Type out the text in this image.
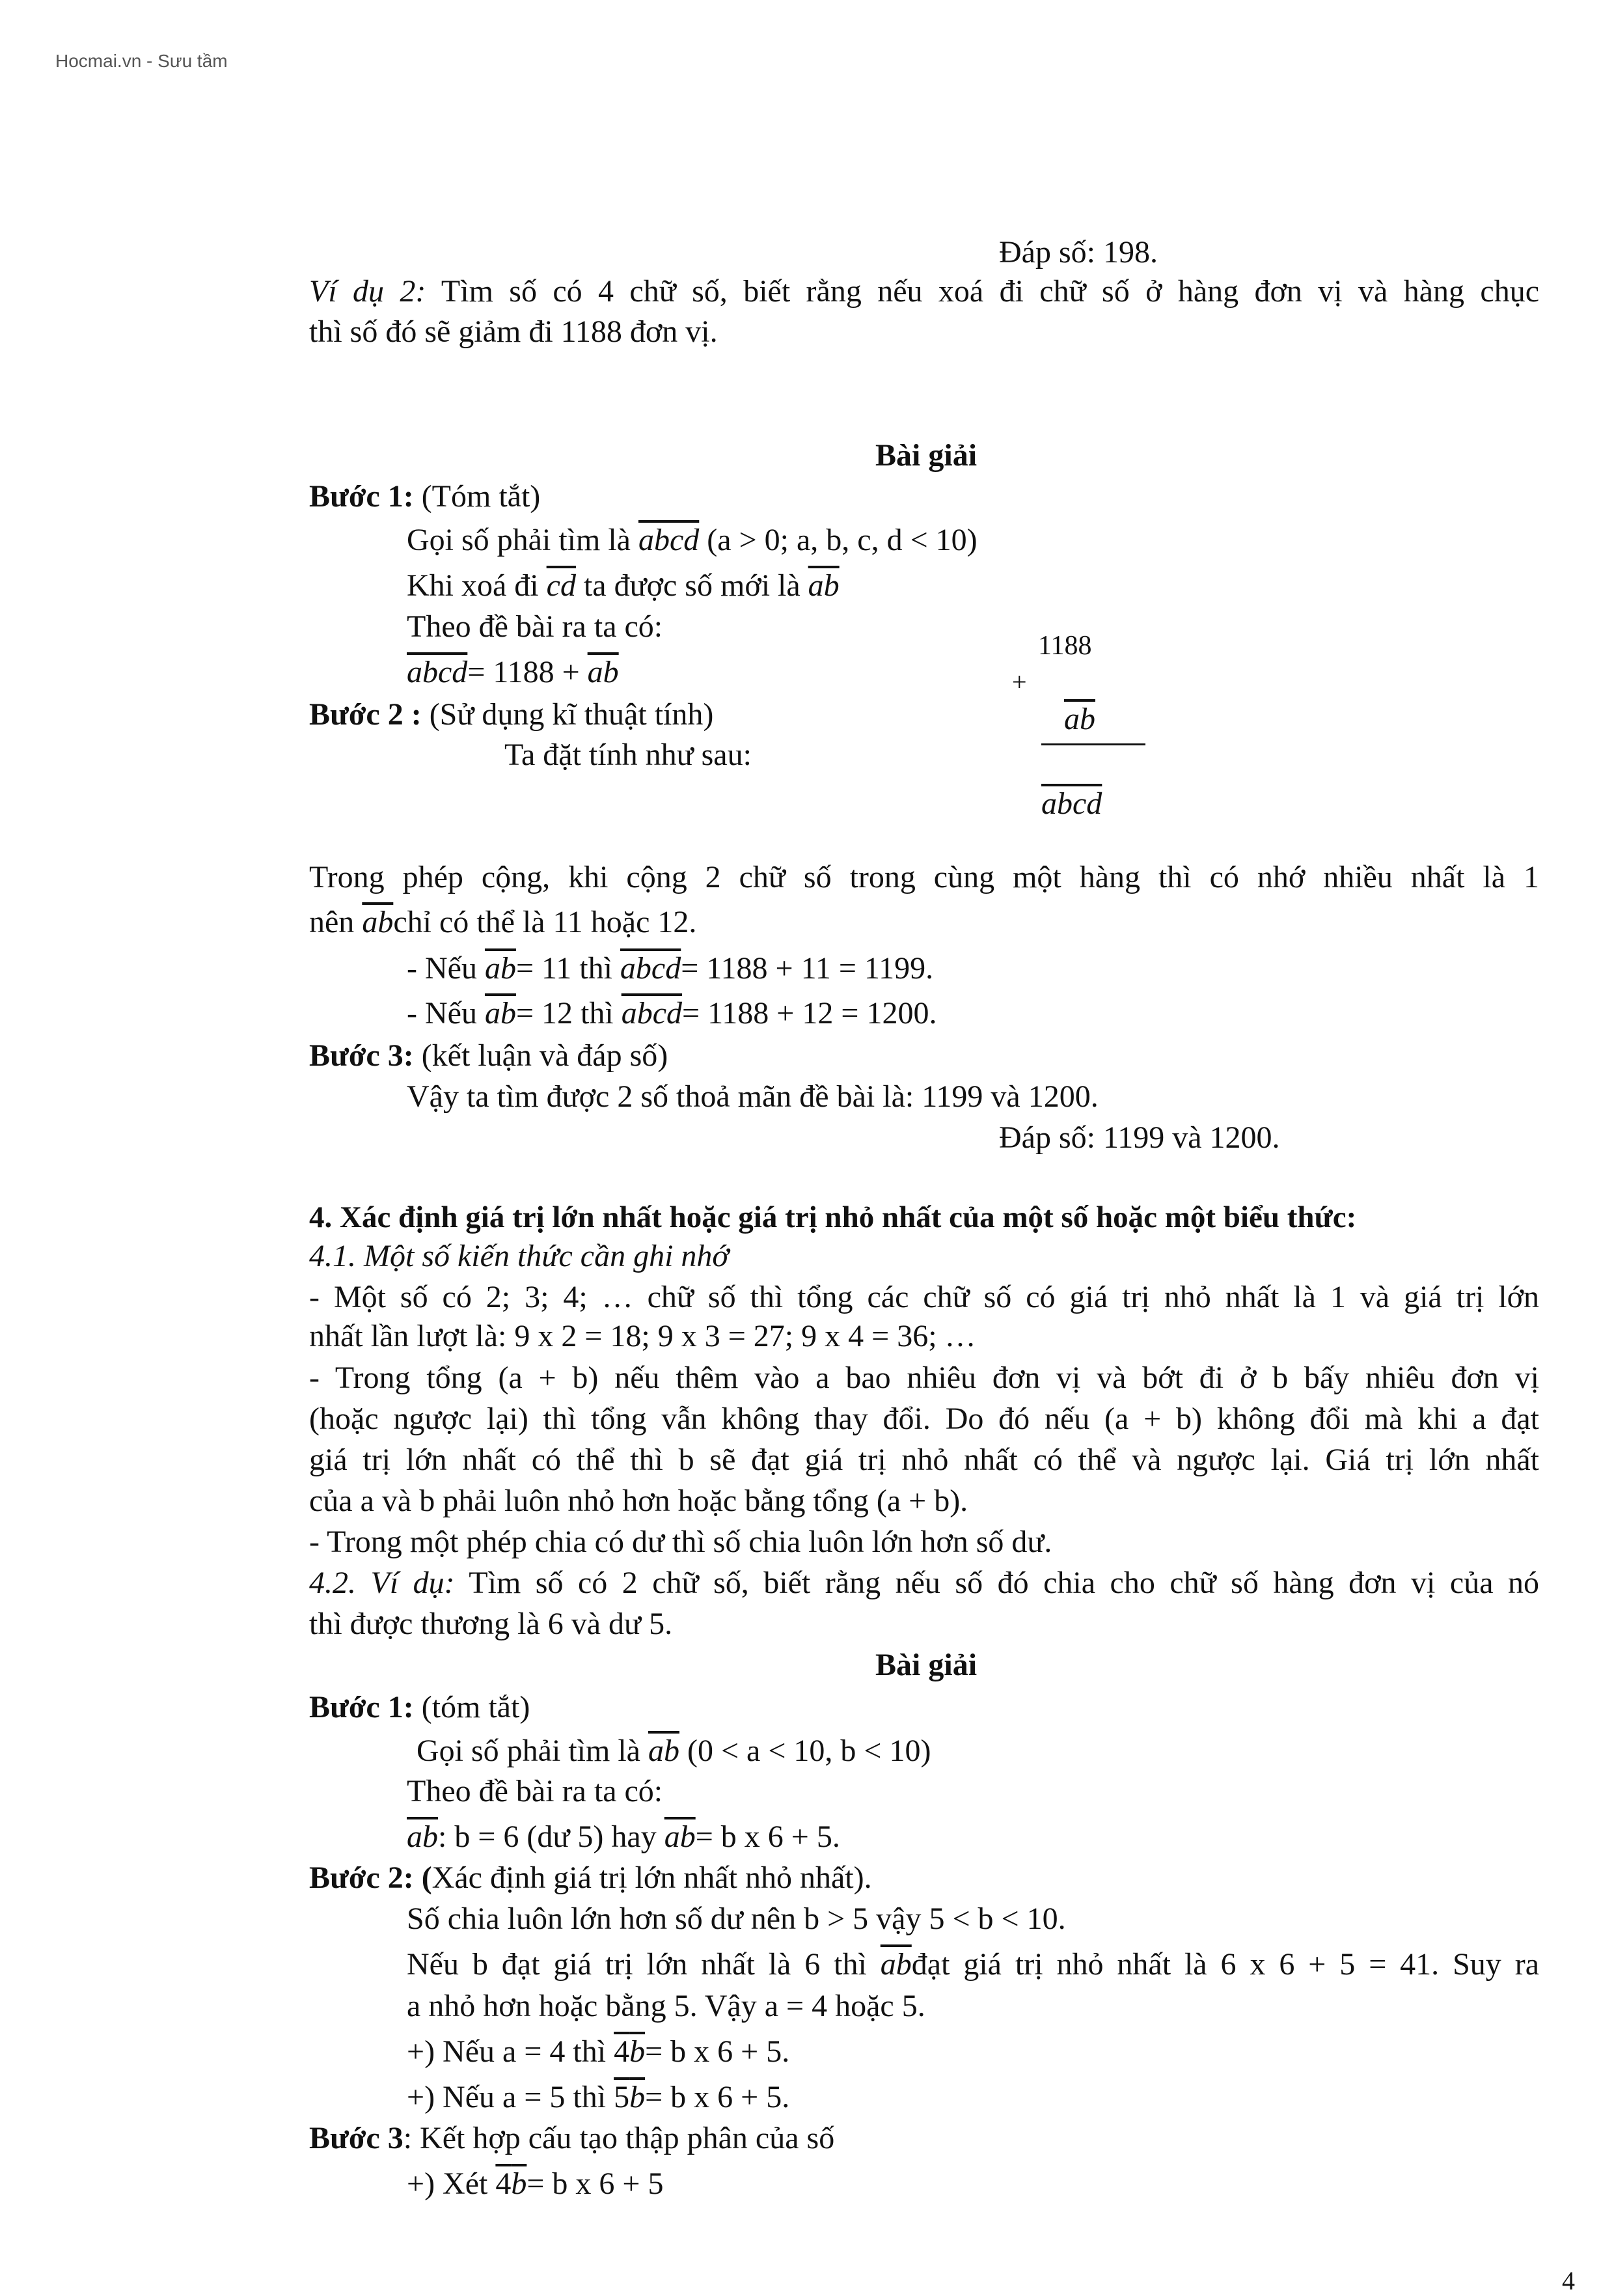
Hocmai.vn - Sưu tầm
Đáp số: 198.
Ví dụ 2: Tìm số có 4 chữ số, biết rằng nếu xoá đi chữ số ở hàng đơn vị và hàng chục
thì số đó sẽ giảm đi 1188 đơn vị.
Bài giải
Bước 1: (Tóm tắt)
Gọi số phải tìm là abcd (a > 0; a, b, c, d < 10)
Khi xoá đi $\overline{cd}$ ta được số mới là $\overline{ab}$
Theo đề bài ra ta có:
abcd= $1188 + \overline{ab}$
1188
+
$\overline{ab}$
abcd
Bước 2 : (Sử dụng kĩ thuật tính)
Ta đặt tính như sau:
Trong phép cộng, khi cộng 2 chữ số trong cùng một hàng thì có nhớ nhiều nhất là 1
nên $\overline{ab}chỉ$ có thể là 11 hoặc 12.
- Nếu $\overline{ab}= 11$ thì abcd= 1188 + 11 = 1199.
- Nếu $\overline{ab}= 12$ thì abcd= 1188 + 12 = 1200.
Bước 3: (kết luận và đáp số)
Vậy ta tìm được 2 số thoả mãn đề bài là: 1199 và 1200.
Đáp số: 1199 và 1200.
4. Xác định giá trị lớn nhất hoặc giá trị nhỏ nhất của một số hoặc một biểu thức:
4.1. Một số kiến thức cần ghi nhớ
- Một số có 2; 3; 4; … chữ số thì tổng các chữ số có giá trị nhỏ nhất là 1 và giá trị lớn
nhất lần lượt là: 9 x 2 = 18; 9 x 3 = 27; 9 x 4 = 36; …
- Trong tổng (a + b) nếu thêm vào a bao nhiêu đơn vị và bớt đi ở b bấy nhiêu đơn vị
(hoặc ngược lại) thì tổng vẫn không thay đổi. Do đó nếu (a + b) không đổi mà khi a đạt
giá trị lớn nhất có thể thì b sẽ đạt giá trị nhỏ nhất có thể và ngược lại. Giá trị lớn nhất
của a và b phải luôn nhỏ hơn hoặc bằng tổng (a + b).
- Trong một phép chia có dư thì số chia luôn lớn hơn số dư.
4.2. Ví dụ: Tìm số có 2 chữ số, biết rằng nếu số đó chia cho chữ số hàng đơn vị của nó
thì được thương là 6 và dư 5.
Bài giải
Bước 1: (tóm tắt)
Gọi số phải tìm là $\overline{ab}$ (0 < a < 10, b < 10)
Theo đề bài ra ta có:
$\overline{ab}$: b = 6 (dư 5) hay $\overline{ab}= b$ x 6 + 5.
Bước 2: (Xác định giá trị lớn nhất nhỏ nhất).
Số chia luôn lớn hơn số dư nên b > 5 vậy 5 < b < 10.
Nếu b đạt giá trị lớn nhất là 6 thì $\overline{ab}đạt$ giá trị nhỏ nhất là 6 x 6 + 5 = 41. Suy ra
a nhỏ hơn hoặc bằng 5. Vậy a = 4 hoặc 5.
+) Nếu a = 4 thì 4b= b x 6 + 5.
+) Nếu a = 5 thì 5b= b x 6 + 5.
Bước 3: Kết hợp cấu tạo thập phân của số
+) Xét 4b= b x 6 + 5
4
